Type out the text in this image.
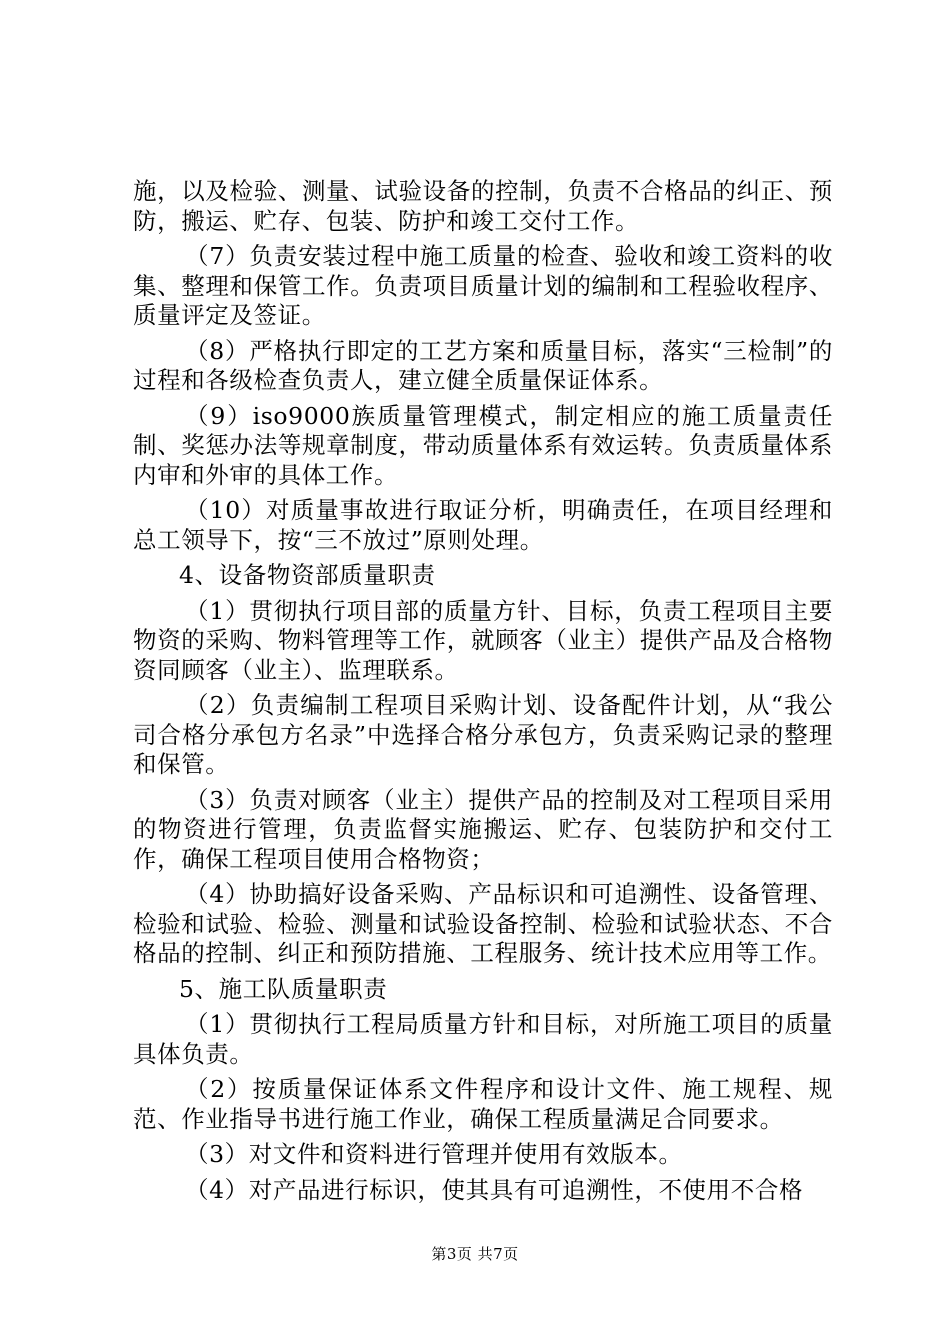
施，以及检验、测量、试验设备的控制，负责不合格品的纠正、预防，搬运、贮存、包装、防护和竣工交付工作。

（7）负责安装过程中施工质量的检查、验收和竣工资料的收集、整理和保管工作。负责项目质量计划的编制和工程验收程序、质量评定及签证。

（8）严格执行即定的工艺方案和质量目标，落实“三检制”的过程和各级检查负责人，建立健全质量保证体系。

（9）iso9000族质量管理模式，制定相应的施工质量责任制、奖惩办法等规章制度，带动质量体系有效运转。负责质量体系内审和外审的具体工作。

（10）对质量事故进行取证分析，明确责任，在项目经理和总工领导下，按“三不放过”原则处理。

4、设备物资部质量职责

（1）贯彻执行项目部的质量方针、目标，负责工程项目主要物资的采购、物料管理等工作，就顾客（业主）提供产品及合格物资同顾客（业主）、监理联系。

（2）负责编制工程项目采购计划、设备配件计划，从“我公司合格分承包方名录”中选择合格分承包方，负责采购记录的整理和保管。

（3）负责对顾客（业主）提供产品的控制及对工程项目采用的物资进行管理，负责监督实施搬运、贮存、包装防护和交付工作，确保工程项目使用合格物资；

（4）协助搞好设备采购、产品标识和可追溯性、设备管理、检验和试验、检验、测量和试验设备控制、检验和试验状态、不合格品的控制、纠正和预防措施、工程服务、统计技术应用等工作。

5、施工队质量职责

（1）贯彻执行工程局质量方针和目标，对所施工项目的质量具体负责。

（2）按质量保证体系文件程序和设计文件、施工规程、规范、作业指导书进行施工作业，确保工程质量满足合同要求。

（3）对文件和资料进行管理并使用有效版本。

（4）对产品进行标识，使其具有可追溯性，不使用不合格

第3页 共7页
